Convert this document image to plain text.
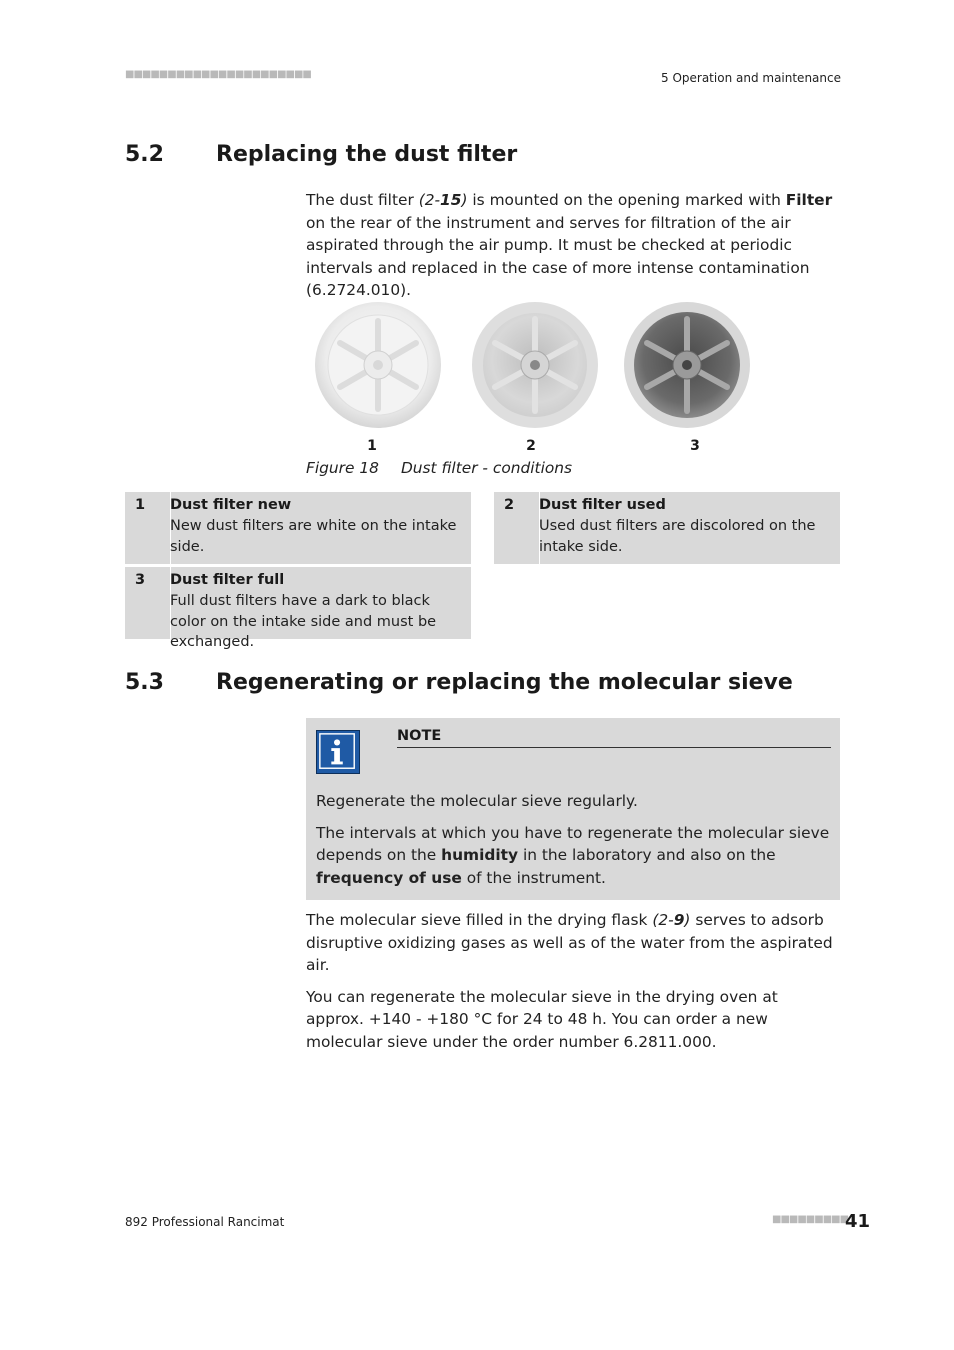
■■■■■■■■■■■■■■■■■■■■■■	5 Operation and maintenance
5.2 Replacing the dust filter

The dust filter (2-15) is mounted on the opening marked with Filter on the rear of the instrument and serves for filtration of the air aspirated through the air pump. It must be checked at periodic intervals and replaced in the case of more intense contamination (6.2724.010).

1	2	3
Figure 18 Dust filter - conditions
1 Dust filter new
New dust filters are white on the intake side.
2 Dust filter used
Used dust filters are discolored on the intake side.
3 Dust filter full
Full dust filters have a dark to black color on the intake side and must be exchanged.
5.3 Regenerating or replacing the molecular sieve
NOTE

Regenerate the molecular sieve regularly.

The intervals at which you have to regenerate the molecular sieve depends on the humidity in the laboratory and also on the frequency of use of the instrument.

The molecular sieve filled in the drying flask (2-9) serves to adsorb disruptive oxidizing gases as well as of the water from the aspirated air.

You can regenerate the molecular sieve in the drying oven at approx. +140 - +180 °C for 24 to 48 h. You can order a new molecular sieve under the order number 6.2811.000.

892 Professional Rancimat	■■■■■■■■■
41
